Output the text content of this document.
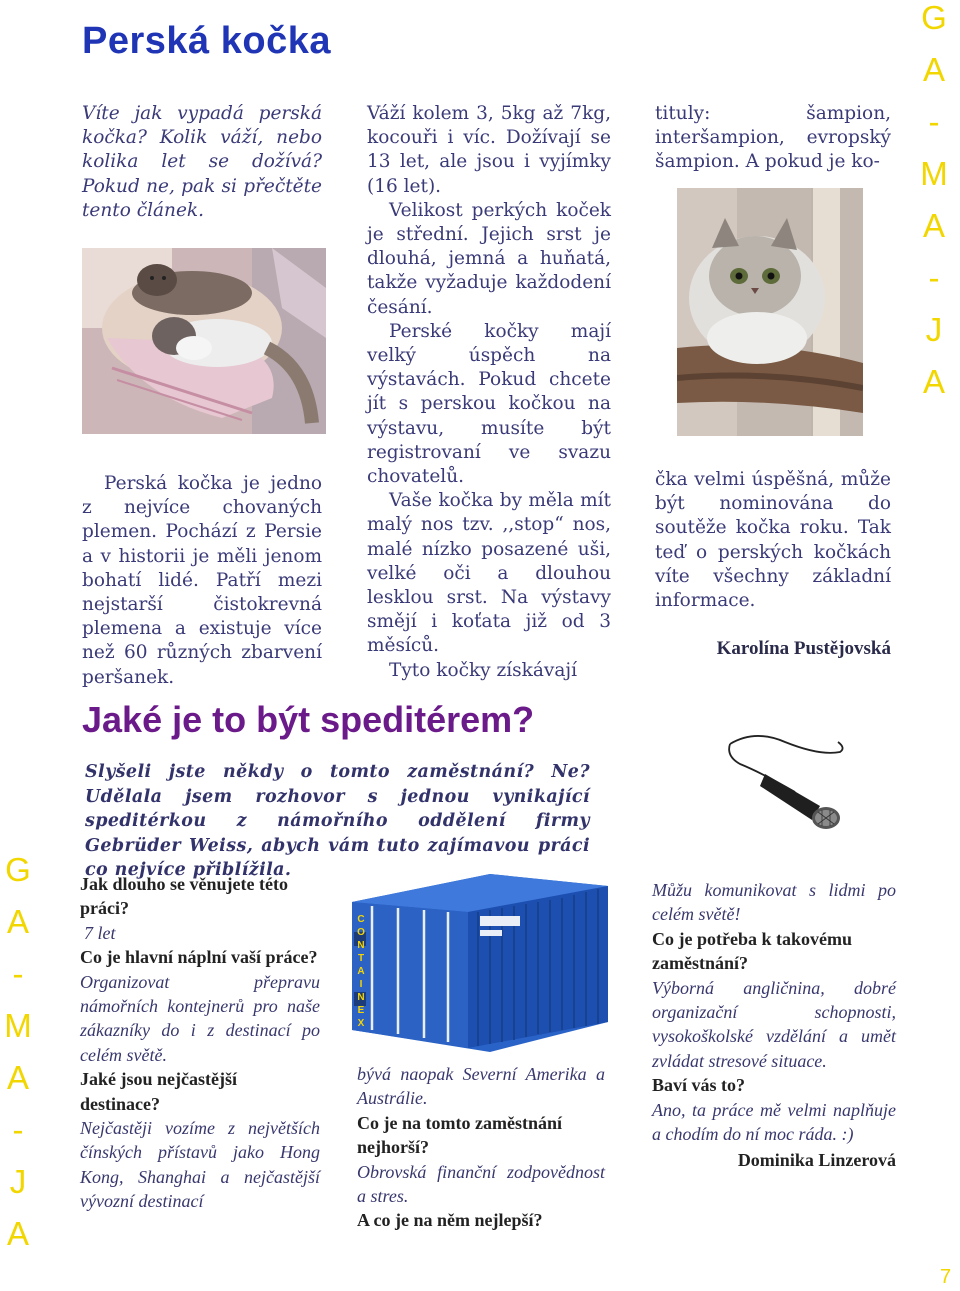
G
A
-
M
A
-
J
A
G
A
-
M
A
-
J
A
Perská kočka

Víte jak vypadá perská kočka? Kolik váží, nebo kolika let se dožívá? Pokud ne, pak si přečtěte tento článek.

Perská kočka je jedno z nejvíce chovaných plemen. Pochází z Persie a v historii je měli jenom bohatí lidé. Patří mezi nejstarší čistokrevná plemena a existuje více než 60 různých zbarvení peršanek.

Váží kolem 3, 5kg až 7kg, kocouři i víc. Dožívají se 13 let, ale jsou i vyjímky (16 let).

Velikost perkých koček je střední. Jejich srst je dlouhá, jemná a huňatá, takže vyžaduje každodení česání.

Perské kočky mají velký úspěch na výstavách. Pokud chcete jít s perskou kočkou na výstavu, musíte být registrovaní ve svazu chovatelů.

Vaše kočka by měla mít malý nos tzv. ,,stop“ nos, malé nízko posazené uši, velké oči a dlouhou lesklou srst. Na výstavy smějí i koťata již od 3 měsíců.

Tyto kočky získávají

tituly: šampion, interšampion, evropský šampion. A pokud je ko-

čka velmi úspěšná, může být nominována do soutěže kočka roku. Tak teď o perských kočkách víte všechny základní informace.

Karolína Pustějovská
Jaké je to být speditérem?
Slyšeli jste někdy o tomto zaměstnání? Ne? Udělala jsem rozhovor s jednou vynikající speditérkou z námořního oddělení firmy Gebrüder Weiss, abych vám tuto zajímavou práci co nejvíce přiblížila.
Jak dlouho se věnujete této práci?
7 let
Co je hlavní náplní vaší práce?
Organizovat přepravu námořních kontejnerů pro naše zákazníky do i z destinací po celém světě.
Jaké jsou nejčastější destinace?
Nejčastěji vozíme z největších čínských přístavů jako Hong Kong, Shanghai a nejčastější vývozní destinací
C
O
N
T
A
I
N
E
X
bývá naopak Severní Amerika a Austrálie.
Co je na tomto zaměstnání nejhorší?
Obrovská finanční zodpovědnost a stres.
A co je na něm nejlepší?
Můžu komunikovat s lidmi po celém světě!
Co je potřeba k takovému zaměstnání?
Výborná angličnina, dobré organizační schopnosti, vysokoškolské vzdělání a umět zvládat stresové situace.
Baví vás to?
Ano, ta práce mě velmi naplňuje a chodím do ní moc ráda. :)
Dominika Linzerová
7
